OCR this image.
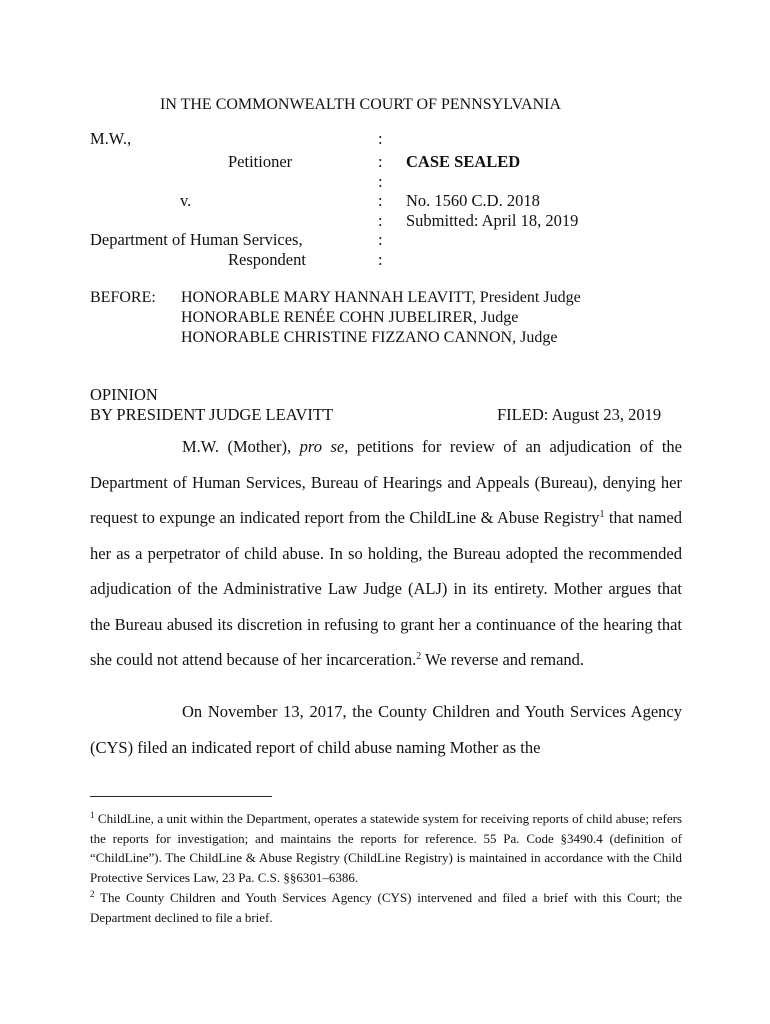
IN THE COMMONWEALTH COURT OF PENNSYLVANIA
M.W.,
Petitioner
v.
Department of Human Services,
Respondent
:
:
:
:
:
:
:
CASE SEALED
No. 1560 C.D. 2018
Submitted: April 18, 2019
BEFORE: HONORABLE MARY HANNAH LEAVITT, President Judge
HONORABLE RENÉE COHN JUBELIRER, Judge
HONORABLE CHRISTINE FIZZANO CANNON, Judge
OPINION
BY PRESIDENT JUDGE LEAVITT	FILED: August 23, 2019

M.W. (Mother), pro se, petitions for review of an adjudication of the Department of Human Services, Bureau of Hearings and Appeals (Bureau), denying her request to expunge an indicated report from the ChildLine & Abuse Registry$^1$ that named her as a perpetrator of child abuse. In so holding, the Bureau adopted the recommended adjudication of the Administrative Law Judge (ALJ) in its entirety. Mother argues that the Bureau abused its discretion in refusing to grant her a continuance of the hearing that she could not attend because of her incarceration.$^2$ We reverse and remand.

On November 13, 2017, the County Children and Youth Services Agency (CYS) filed an indicated report of child abuse naming Mother as the

$^1$ ChildLine, a unit within the Department, operates a statewide system for receiving reports of child abuse; refers the reports for investigation; and maintains the reports for reference. 55 Pa. Code §3490.4 (definition of “ChildLine”). The ChildLine & Abuse Registry (ChildLine Registry) is maintained in accordance with the Child Protective Services Law, 23 Pa. C.S. §§6301–6386.

$^2$ The County Children and Youth Services Agency (CYS) intervened and filed a brief with this Court; the Department declined to file a brief.
